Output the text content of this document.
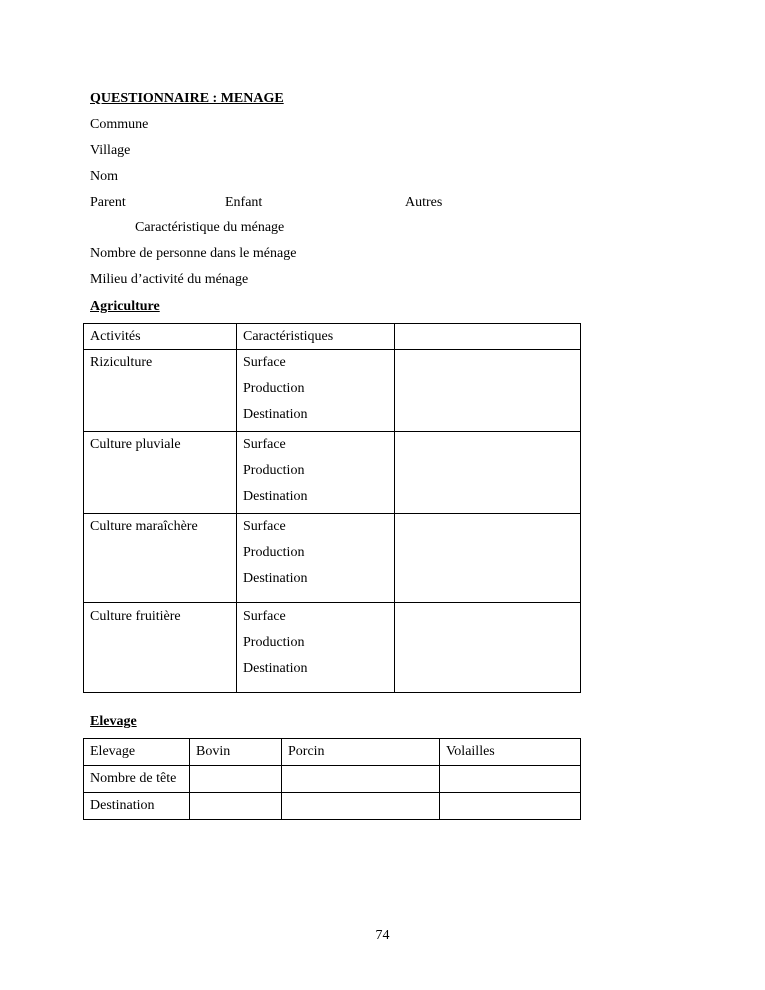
QUESTIONNAIRE : MENAGE
Commune
Village
Nom
Parent	Enfant	Autres
Caractéristique du ménage
Nombre de personne dans le ménage
Milieu d’activité du ménage
Agriculture
Activités	Caractéristiques	
Riziculture	Surface
Production
Destination	

Culture pluviale	Surface
Production
Destination	

Culture maraîchère	Surface
Production
Destination	

Culture fruitière	Surface
Production
Destination	

Elevage
Elevage	Bovin	Porcin	Volailles
Nombre de tête			
Destination			
74
